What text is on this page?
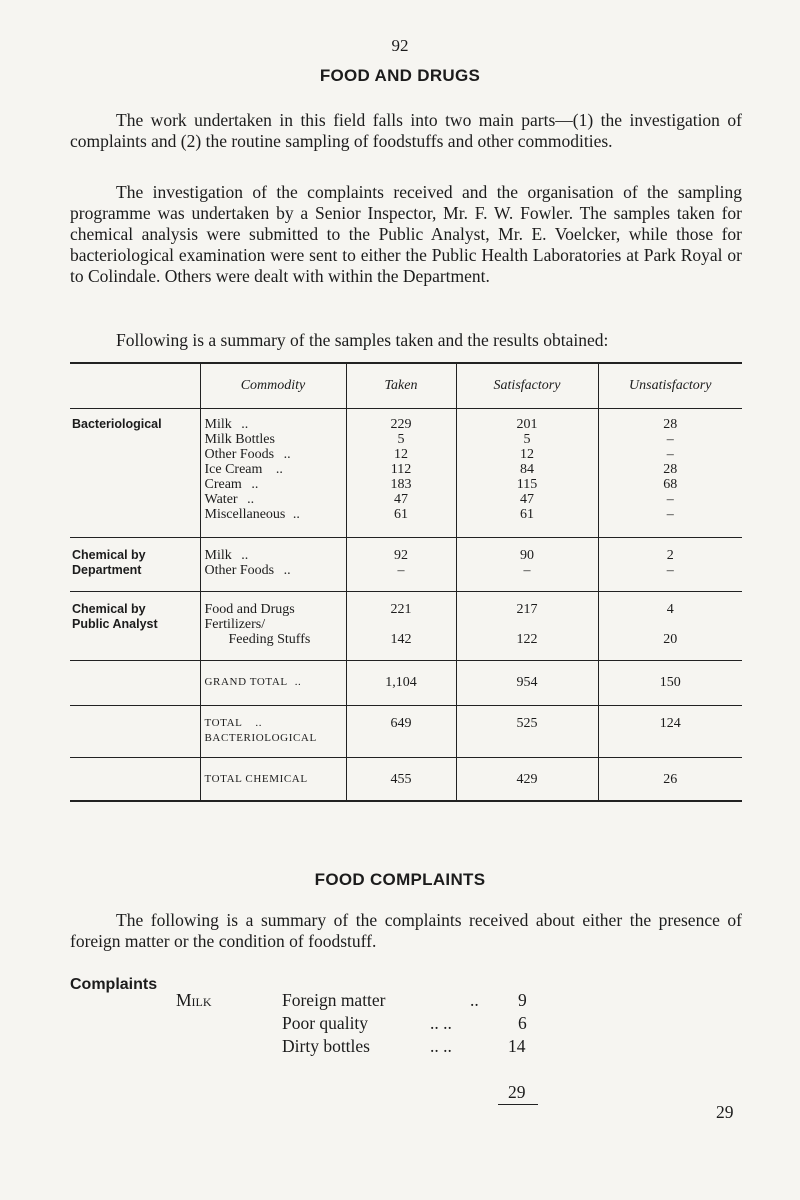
92
FOOD AND DRUGS
The work undertaken in this field falls into two main parts—(1) the investigation of complaints and (2) the routine sampling of foodstuffs and other commodities.
The investigation of the complaints received and the organisation of the sampling programme was undertaken by a Senior Inspector, Mr. F. W. Fowler. The samples taken for chemical analysis were submitted to the Public Analyst, Mr. E. Voelcker, while those for bacteriological examination were sent to either the Public Health Laboratories at Park Royal or to Colindale. Others were dealt with within the Department.
Following is a summary of the samples taken and the results obtained:
	Commodity	Taken	Satisfactory	Unsatisfactory

Bacteriological	Milk ..	229	201	28
	Milk Bottles	5	5	–
	Other Foods ..	12	12	–
	Ice Cream ..	112	84	28
	Cream ..	183	115	68
	Water ..	47	47	–
	Miscellaneous ..	61	61	–

Chemical by	Milk ..	92	90	2
Department	Other Foods ..	–	–	–

Chemical by	Food and Drugs	221	217	4
Public Analyst	Fertilizers/			
	Feeding Stuffs	142	122	20

	GRAND TOTAL ..	1,104	954	150

	TOTAL ..	649	525	124
	BACTERIOLOGICAL			

	TOTAL CHEMICAL	455	429	26

FOOD COMPLAINTS
The following is a summary of the complaints received about either the presence of foreign matter or the condition of foodstuff.
Complaints
Milk	Foreign matter	.. 9
Poor quality	.. ..	6
Dirty bottles	.. ..	14
29
29
